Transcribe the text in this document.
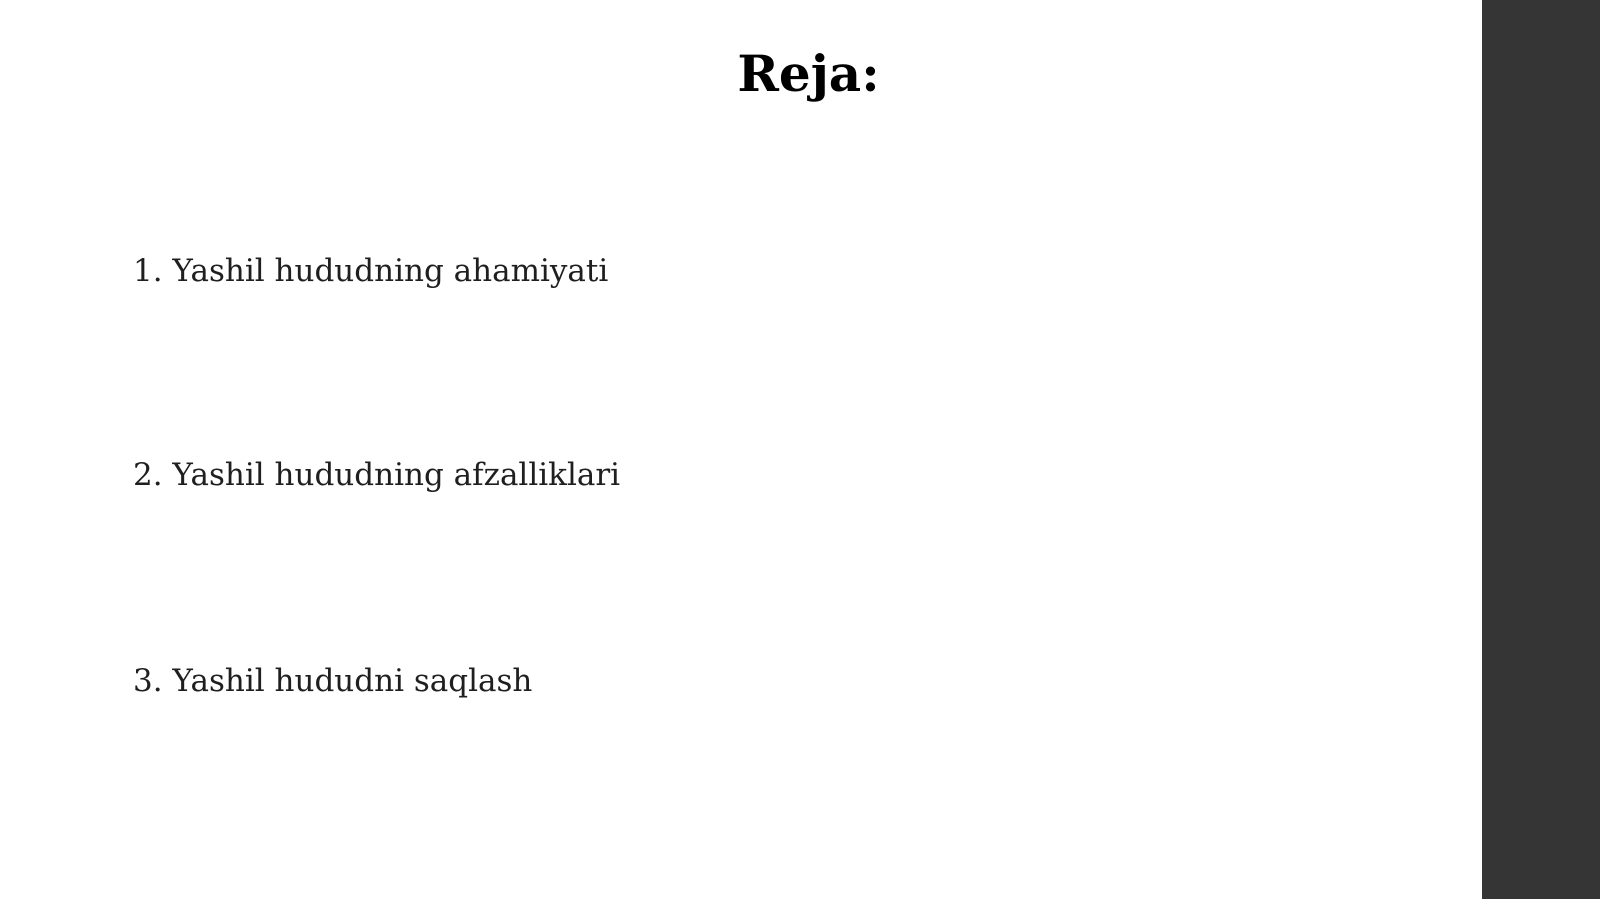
Reja:
1. Yashil hududning ahamiyati
2. Yashil hududning afzalliklari
3. Yashil hududni saqlash
